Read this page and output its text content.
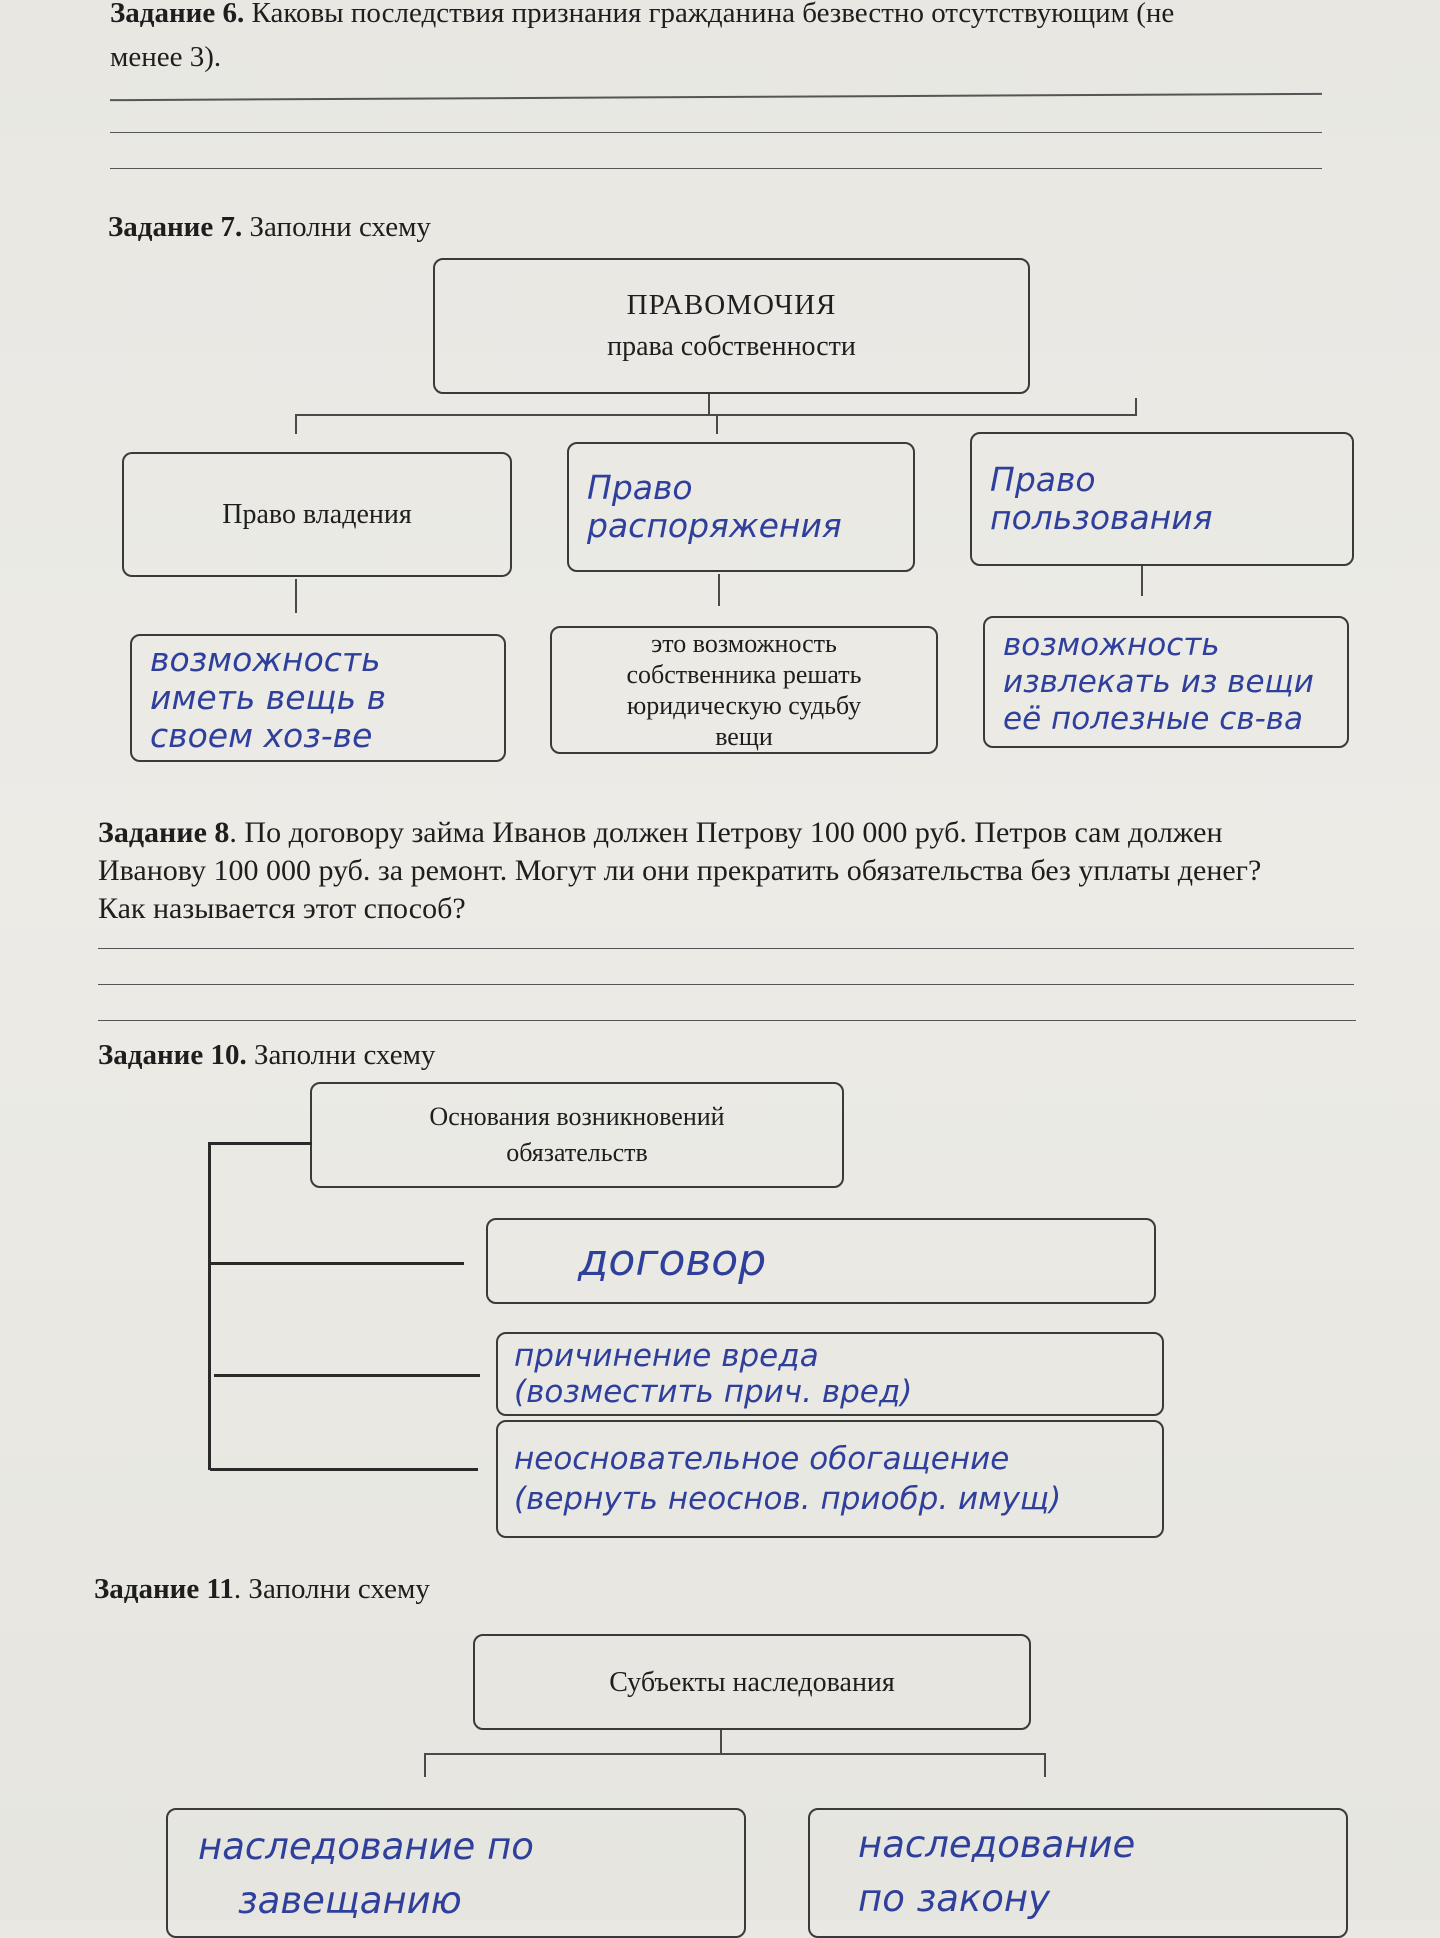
Задание 6. Каковы последствия признания гражданина безвестно отсутствующим (не
менее 3).
Задание 7. Заполни схему
ПРАВОМОЧИЯ
права собственности
Право владения
Право
распоряжения
Право
пользования
возможность
иметь вещь в
своем хоз-ве
это возможность
собственника решать
юридическую судьбу
вещи
возможность
извлекать из вещи
её полезные св-ва
Задание 8. По договору займа Иванов должен Петрову 100 000 руб. Петров сам должен
Иванову 100 000 руб. за ремонт. Могут ли они прекратить обязательства без уплаты денег?
Как называется этот способ?
Задание 10. Заполни схему
Основания возникновений
обязательств
договор
причинение вреда
(возместить прич. вред)
неосновательное обогащение
(вернуть неоснов. приобр. имущ)
Задание 11. Заполни схему
Субъекты наследования
наследование по
завещанию
наследование
по закону
